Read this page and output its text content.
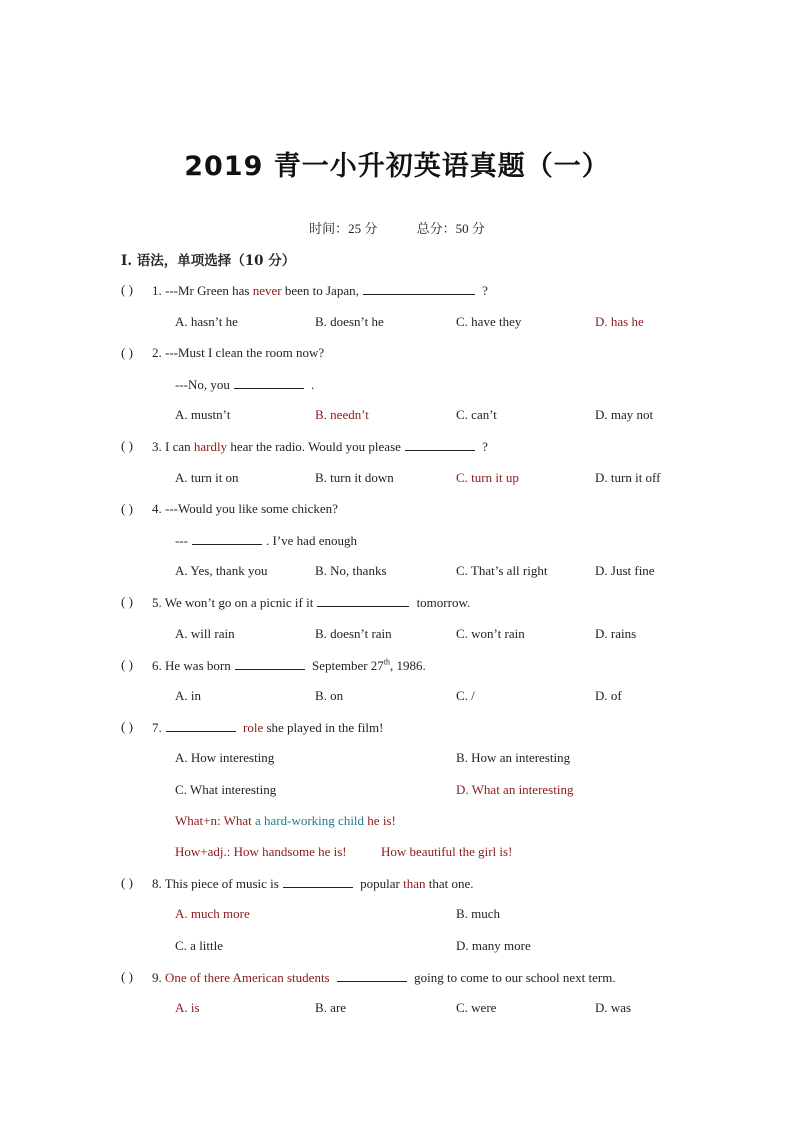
2019 青一小升初英语真题（一）
时间：25 分	总分：50 分
I. 语法，单项选择（10 分）
( ) 1. ---Mr Green has never been to Japan,	?
A. hasn’t he	B. doesn’t he	C. have they	D. has he
( ) 2. ---Must I clean the room now?
---No, you	.
A. mustn’t	B. needn’t	C. can’t	D. may not
( ) 3. I can hardly hear the radio. Would you please	?
A. turn it on	B. turn it down	C. turn it up	D. turn it off
( ) 4. ---Would you like some chicken?
---	. I’ve had enough
A. Yes, thank you	B. No, thanks	C. That’s all right	D. Just fine
( ) 5. We won’t go on a picnic if it	tomorrow.
A. will rain	B. doesn’t rain	C. won’t rain	D. rains
( ) 6. He was born	September 27th, 1986.
A. in	B. on	C. /	D. of
( ) 7.	role she played in the film!
A. How interesting	B. How an interesting
C. What interesting	D. What an interesting
What+n: What a hard-working child he is!
How+adj.: How handsome he is!	How beautiful the girl is!
( ) 8. This piece of music is	popular than that one.
A. much more	B. much
C. a little	D. many more
( ) 9. One of there American students	going to come to our school next term.
A. is	B. are	C. were	D. was
